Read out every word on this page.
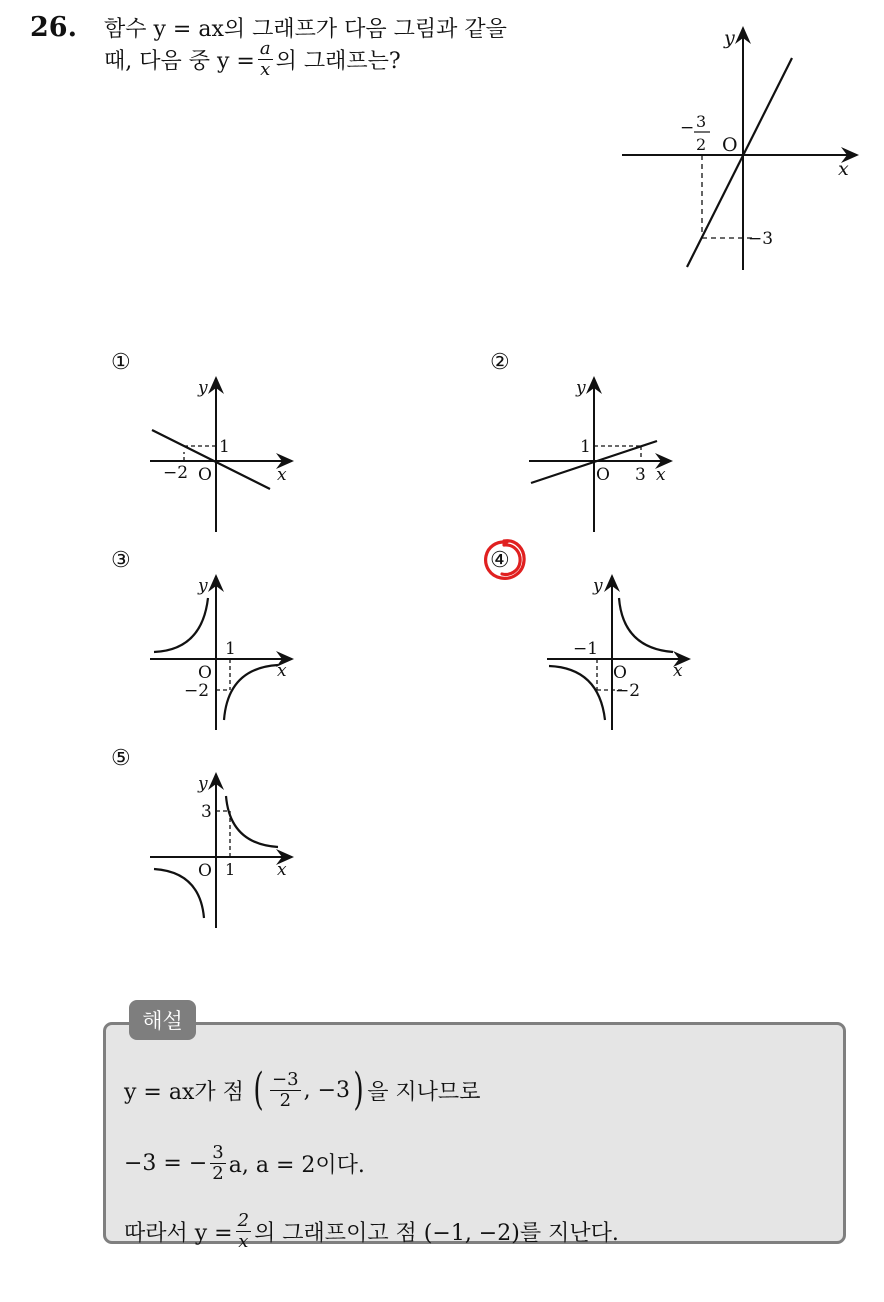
26. 함수 y = ax의 그래프가 다음 그림과 같을
때, 다음 중 $y = \frac{a}{x}$ 의 그래프는?
y
x
O
− 3
2
−3
①
y
x
O
−2
1
②
y
x
O
1
3
③
y
x
O
1
−2
④
y
x
O
−1
−2
⑤
y
x
O
3
1
해설
y = ax가 점 ( $\frac{-3}{2}$ , −3 ) 을 지나므로
−3 = − $\frac{3}{2} a$, a = 2이다.
따라서 $y = \frac{2}{x}$ 의 그래프이고 점 (−1, −2)를 지난다.
